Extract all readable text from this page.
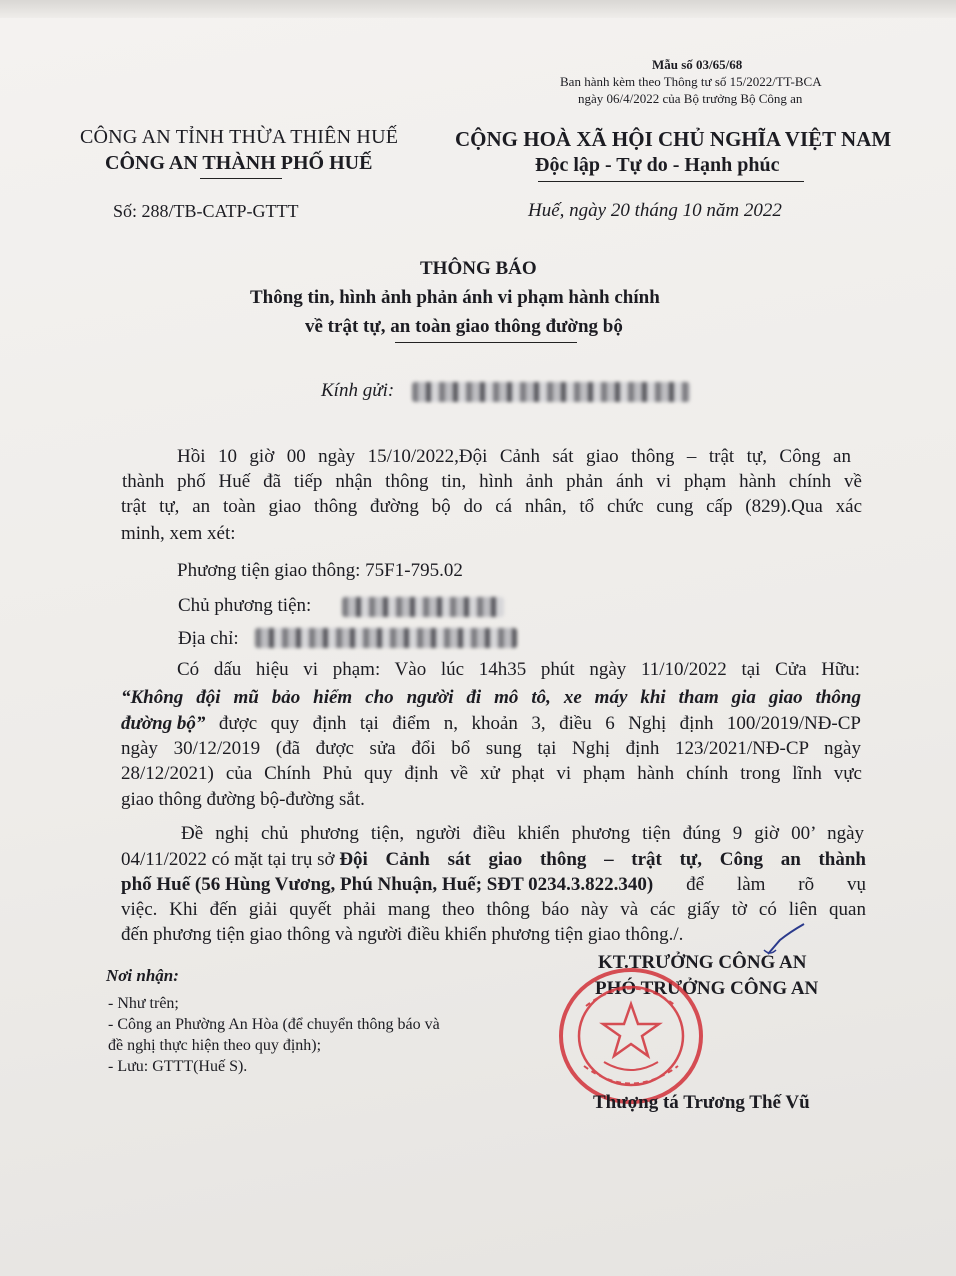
Mẫu số 03/65/68
Ban hành kèm theo Thông tư số 15/2022/TT-BCA
ngày 06/4/2022 của Bộ trưởng Bộ Công an
CÔNG AN TỈNH THỪA THIÊN HUẾ
CÔNG AN THÀNH PHỐ HUẾ
CỘNG HOÀ XÃ HỘI CHỦ NGHĨA VIỆT NAM
Độc lập - Tự do - Hạnh phúc
Số: 288/TB-CATP-GTTT	Huế, ngày 20 tháng 10 năm 2022
THÔNG BÁO
Thông tin, hình ảnh phản ánh vi phạm hành chính
về trật tự, an toàn giao thông đường bộ
Kính gửi:
Hồi 10 giờ 00 ngày 15/10/2022,Đội Cảnh sát giao thông – trật tự, Công an
thành phố Huế đã tiếp nhận thông tin, hình ảnh phản ánh vi phạm hành chính về
trật tự, an toàn giao thông đường bộ do cá nhân, tổ chức cung cấp (829).Qua xác
minh, xem xét:
Phương tiện giao thông: 75F1-795.02
Chủ phương tiện:
Địa chỉ:
Có dấu hiệu vi phạm: Vào lúc 14h35 phút ngày 11/10/2022 tại Cửa Hữu:
“Không đội mũ bảo hiểm cho người đi mô tô, xe máy khi tham gia giao thông
đường bộ” được quy định tại điểm n, khoản 3, điều 6 Nghị định 100/2019/NĐ-CP
ngày 30/12/2019 (đã được sửa đổi bổ sung tại Nghị định 123/2021/NĐ-CP ngày
28/12/2021) của Chính Phủ quy định về xử phạt vi phạm hành chính trong lĩnh vực
giao thông đường bộ-đường sắt.
Đề nghị chủ phương tiện, người điều khiển phương tiện đúng 9 giờ 00’ ngày
04/11/2022 có mặt tại trụ sở Đội Cảnh sát giao thông – trật tự, Công an thành
phố Huế (56 Hùng Vương, Phú Nhuận, Huế; SĐT 0234.3.822.340) để làm rõ vụ
việc. Khi đến giải quyết phải mang theo thông báo này và các giấy tờ có liên quan
đến phương tiện giao thông và người điều khiển phương tiện giao thông./.
Nơi nhận:
- Như trên;
- Công an Phường An Hòa (để chuyển thông báo và
đề nghị thực hiện theo quy định);
- Lưu: GTTT(Huế S).
KT.TRƯỞNG CÔNG AN
PHÓ TRƯỞNG CÔNG AN
Thượng tá Trương Thế Vũ
